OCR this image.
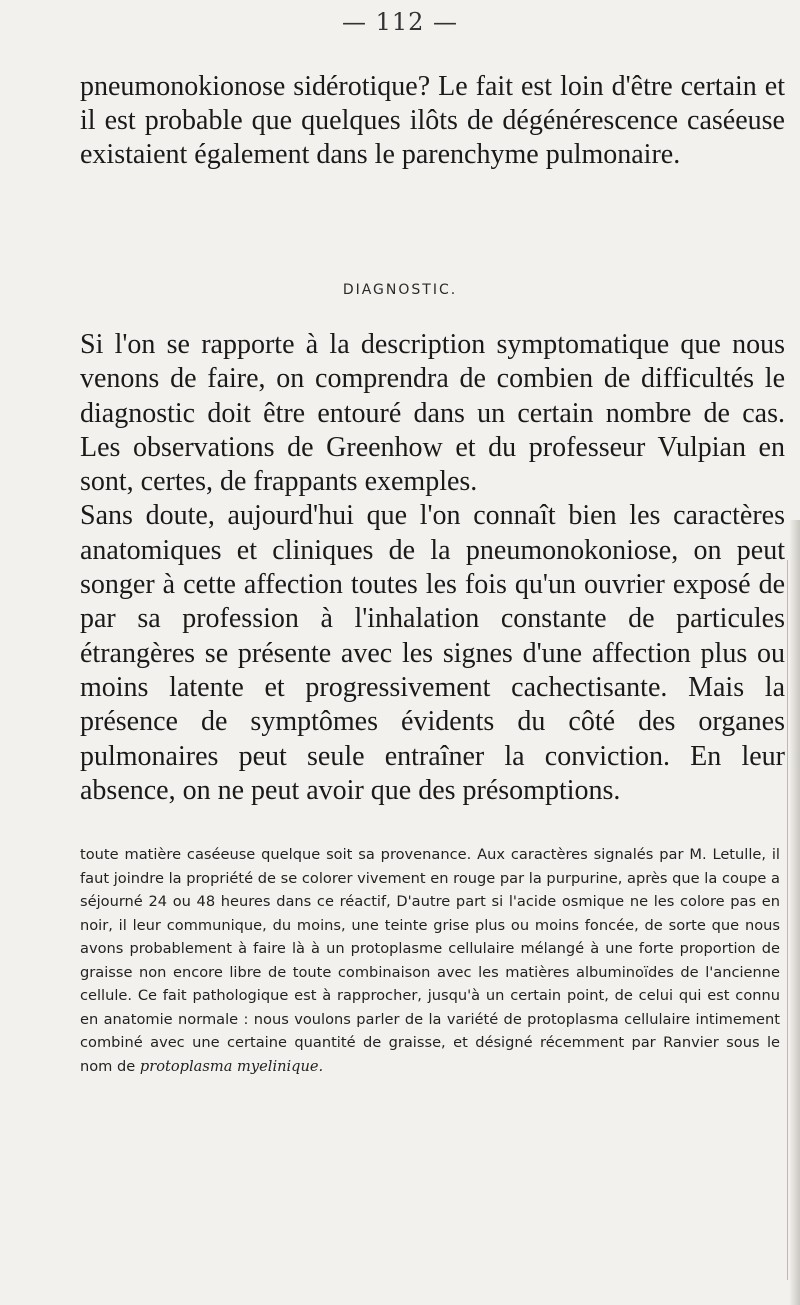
— 112 —
pneumonokionose sidérotique? Le fait est loin d'être certain et il est probable que quelques ilôts de dégénérescence caséeuse existaient également dans le parenchyme pulmonaire.
DIAGNOSTIC.
Si l'on se rapporte à la description symptomatique que nous venons de faire, on comprendra de combien de difficultés le diagnostic doit être entouré dans un certain nombre de cas. Les observations de Greenhow et du professeur Vulpian en sont, certes, de frappants exemples.
Sans doute, aujourd'hui que l'on connaît bien les caractères anatomiques et cliniques de la pneumonokoniose, on peut songer à cette affection toutes les fois qu'un ouvrier exposé de par sa profession à l'inhalation constante de particules étrangères se présente avec les signes d'une affection plus ou moins latente et progressivement cachectisante. Mais la présence de symptômes évidents du côté des organes pulmonaires peut seule entraîner la conviction. En leur absence, on ne peut avoir que des présomptions.
toute matière caséeuse quelque soit sa provenance. Aux caractères signalés par M. Letulle, il faut joindre la propriété de se colorer vivement en rouge par la purpurine, après que la coupe a séjourné 24 ou 48 heures dans ce réactif, D'autre part si l'acide osmique ne les colore pas en noir, il leur communique, du moins, une teinte grise plus ou moins foncée, de sorte que nous avons probablement à faire là à un protoplasme cellulaire mélangé à une forte proportion de graisse non encore libre de toute combinaison avec les matières albuminoïdes de l'ancienne cellule. Ce fait pathologique est à rapprocher, jusqu'à un certain point, de celui qui est connu en anatomie normale : nous voulons parler de la variété de protoplasma cellulaire intimement combiné avec une certaine quantité de graisse, et désigné récemment par Ranvier sous le nom de protoplasma myelinique.
